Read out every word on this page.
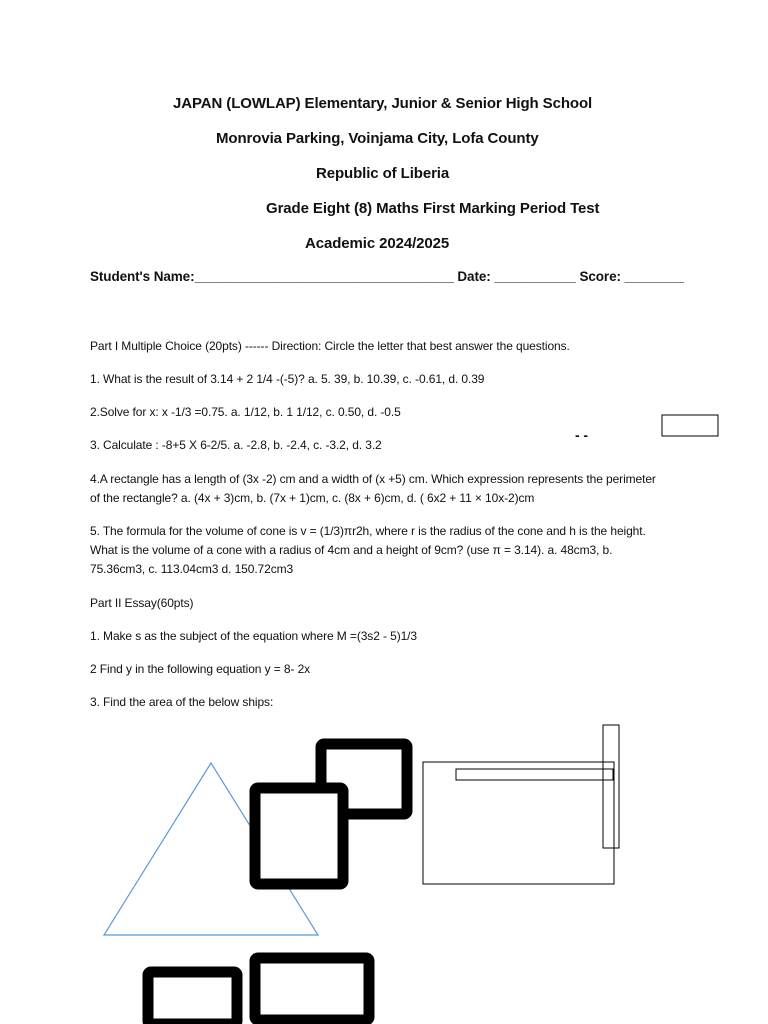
JAPAN (LOWLAP) Elementary, Junior & Senior High School
Monrovia Parking, Voinjama City, Lofa County
Republic of Liberia
Grade Eight (8) Maths First Marking Period Test
Academic 2024/2025
Student's Name:___________________________________ Date: ___________ Score: ________
Part I Multiple Choice (20pts) ------ Direction: Circle the letter that best answer the questions.
1. What is the result of 3.14 + 2 1/4 -(-5)? a. 5. 39, b. 10.39, c. -0.61, d. 0.39
2.Solve for x: x -1/3 =0.75. a. 1/12, b. 1 1/12, c. 0.50, d. -0.5
3. Calculate : -8+5 X 6-2/5. a. -2.8, b. -2.4, c. -3.2, d. 3.2
4.A rectangle has a length of (3x -2) cm and a width of (x +5) cm. Which expression represents the perimeter of the rectangle? a. (4x + 3)cm, b. (7x + 1)cm, c. (8x + 6)cm, d. ( 6x2 + 11 × 10x-2)cm
5. The formula for the volume of cone is v = (1/3)πr2h, where r is the radius of the cone and h is the height. What is the volume of a cone with a radius of 4cm and a height of 9cm? (use π = 3.14). a. 48cm3, b. 75.36cm3, c. 113.04cm3 d. 150.72cm3
- -
Part II Essay(60pts)
1. Make s as the subject of the equation where M =(3s2 - 5)1/3
2 Find y in the following equation y = 8- 2x
3. Find the area of the below ships:
